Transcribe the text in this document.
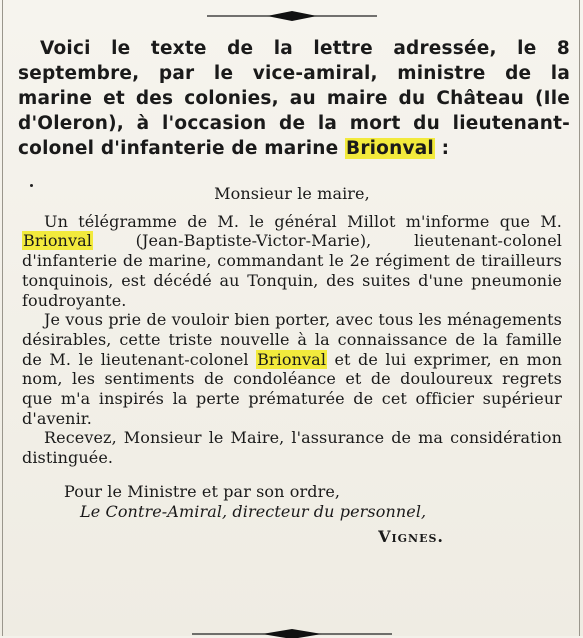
Voici le texte de la lettre adressée, le 8 septembre, par le vice-amiral, ministre de la marine et des colonies, au maire du Château (Ile d'Oleron), à l'occasion de la mort du lieutenant-colonel d'infanterie de marine Brionval :

Monsieur le maire,

Un télégramme de M. le général Millot m'informe que M. Brionval (Jean-Baptiste-Victor-Marie), lieutenant-colonel d'infanterie de marine, commandant le 2e régiment de tirailleurs tonquinois, est décédé au Tonquin, des suites d'une pneumonie foudroyante.

Je vous prie de vouloir bien porter, avec tous les ménagements désirables, cette triste nouvelle à la connaissance de la famille de M. le lieutenant-colonel Brionval et de lui exprimer, en mon nom, les sentiments de condoléance et de douloureux regrets que m'a inspirés la perte prématurée de cet officier supérieur d'avenir.

Recevez, Monsieur le Maire, l'assurance de ma considération distinguée.

Pour le Ministre et par son ordre,

Le Contre-Amiral, directeur du personnel,

Vignes.
